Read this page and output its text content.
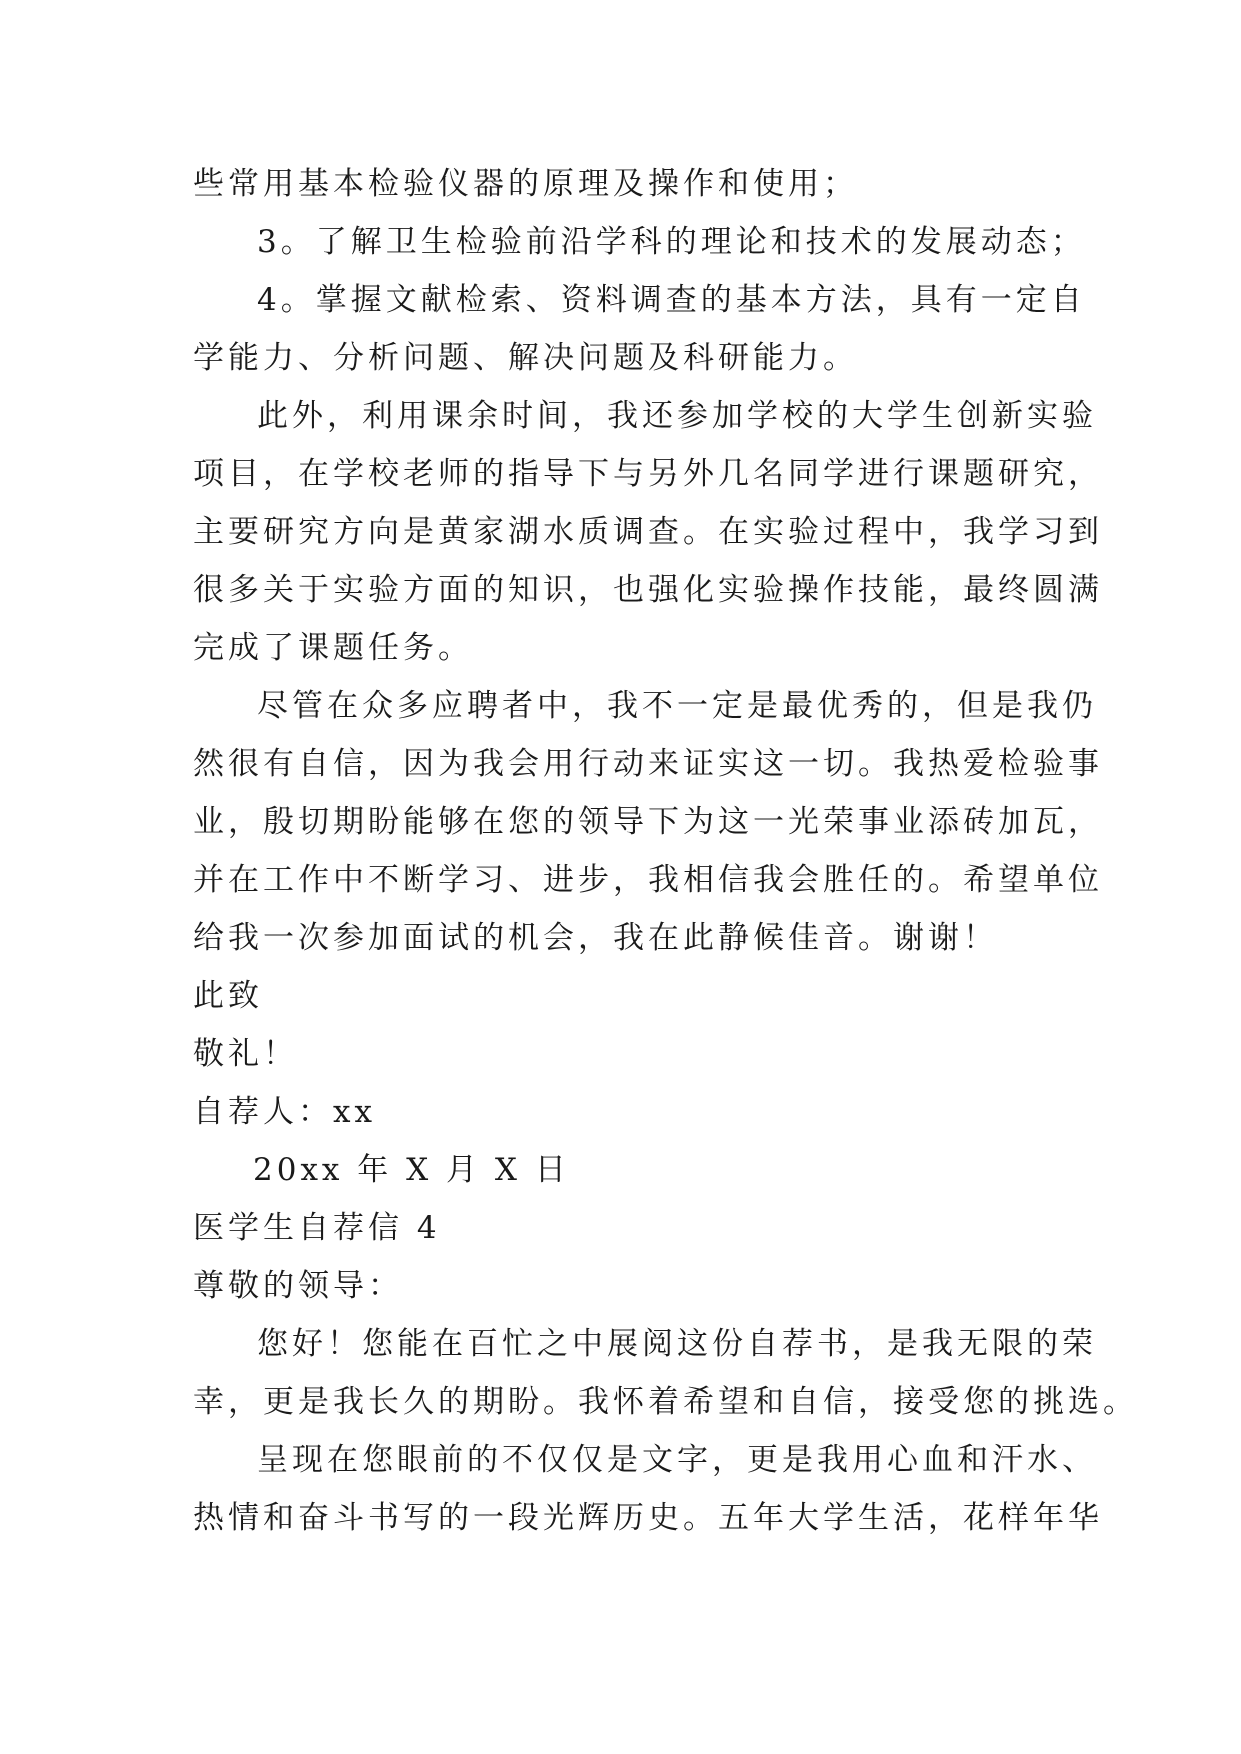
些常用基本检验仪器的原理及操作和使用；
3。了解卫生检验前沿学科的理论和技术的发展动态；
4。掌握文献检索、资料调查的基本方法，具有一定自
学能力、分析问题、解决问题及科研能力。
此外，利用课余时间，我还参加学校的大学生创新实验
项目，在学校老师的指导下与另外几名同学进行课题研究，
主要研究方向是黄家湖水质调查。在实验过程中，我学习到
很多关于实验方面的知识，也强化实验操作技能，最终圆满
完成了课题任务。
尽管在众多应聘者中，我不一定是最优秀的，但是我仍
然很有自信，因为我会用行动来证实这一切。我热爱检验事
业，殷切期盼能够在您的领导下为这一光荣事业添砖加瓦，
并在工作中不断学习、进步，我相信我会胜任的。希望单位
给我一次参加面试的机会，我在此静候佳音。谢谢！
此致
敬礼！
自荐人：xx
20xx 年 X 月 X 日
医学生自荐信 4
尊敬的领导：
您好！您能在百忙之中展阅这份自荐书，是我无限的荣
幸，更是我长久的期盼。我怀着希望和自信，接受您的挑选。
呈现在您眼前的不仅仅是文字，更是我用心血和汗水、
热情和奋斗书写的一段光辉历史。五年大学生活，花样年华
